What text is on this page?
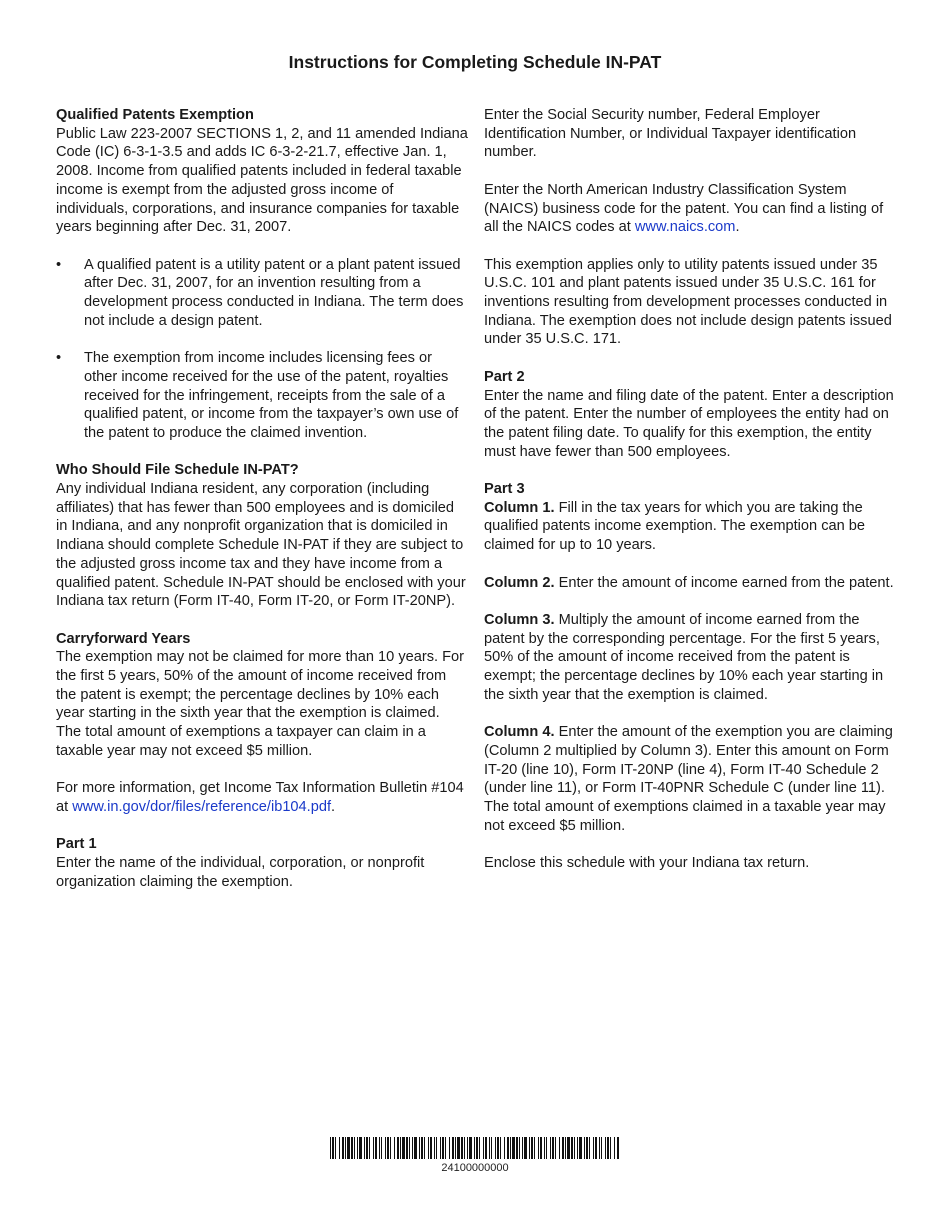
Instructions for Completing Schedule IN-PAT
Qualified Patents Exemption

Public Law 223-2007 SECTIONS 1, 2, and 11 amended Indiana Code (IC) 6-3-1-3.5 and adds IC 6-3-2-21.7, effective Jan. 1, 2008. Income from qualified patents included in federal taxable income is exempt from the adjusted gross income of individuals, corporations, and insurance companies for taxable years beginning after Dec. 31, 2007.

•	A qualified patent is a utility patent or a plant patent issued after Dec. 31, 2007, for an invention resulting from a development process conducted in Indiana. The term does not include a design patent.
•	The exemption from income includes licensing fees or other income received for the use of the patent, royalties received for the infringement, receipts from the sale of a qualified patent, or income from the taxpayer’s own use of the patent to produce the claimed invention.
Who Should File Schedule IN-PAT?

Any individual Indiana resident, any corporation (including affiliates) that has fewer than 500 employees and is domiciled in Indiana, and any nonprofit organization that is domiciled in Indiana should complete Schedule IN-PAT if they are subject to the adjusted gross income tax and they have income from a qualified patent. Schedule IN-PAT should be enclosed with your Indiana tax return (Form IT-40, Form IT-20, or Form IT-20NP).

Carryforward Years

The exemption may not be claimed for more than 10 years. For the first 5 years, 50% of the amount of income received from the patent is exempt; the percentage declines by 10% each year starting in the sixth year that the exemption is claimed. The total amount of exemptions a taxpayer can claim in a taxable year may not exceed $5 million.

For more information, get Income Tax Information Bulletin #104 at www.in.gov/dor/files/reference/ib104.pdf.

Part 1

Enter the name of the individual, corporation, or nonprofit organization claiming the exemption.

Enter the Social Security number, Federal Employer Identification Number, or Individual Taxpayer identification number.

Enter the North American Industry Classification System (NAICS) business code for the patent. You can find a listing of all the NAICS codes at www.naics.com.

This exemption applies only to utility patents issued under 35 U.S.C. 101 and plant patents issued under 35 U.S.C. 161 for inventions resulting from development processes conducted in Indiana. The exemption does not include design patents issued under 35 U.S.C. 171.

Part 2

Enter the name and filing date of the patent. Enter a description of the patent. Enter the number of employees the entity had on the patent filing date. To qualify for this exemption, the entity must have fewer than 500 employees.

Part 3

Column 1. Fill in the tax years for which you are taking the qualified patents income exemption. The exemption can be claimed for up to 10 years.

Column 2. Enter the amount of income earned from the patent.

Column 3. Multiply the amount of income earned from the patent by the corresponding percentage. For the first 5 years, 50% of the amount of income received from the patent is exempt; the percentage declines by 10% each year starting in the sixth year that the exemption is claimed.

Column 4. Enter the amount of the exemption you are claiming (Column 2 multiplied by Column 3). Enter this amount on Form IT-20 (line 10), Form IT-20NP (line 4), Form IT-40 Schedule 2 (under line 11), or Form IT-40PNR Schedule C (under line 11). The total amount of exemptions claimed in a taxable year may not exceed $5 million.

Enclose this schedule with your Indiana tax return.

24100000000
